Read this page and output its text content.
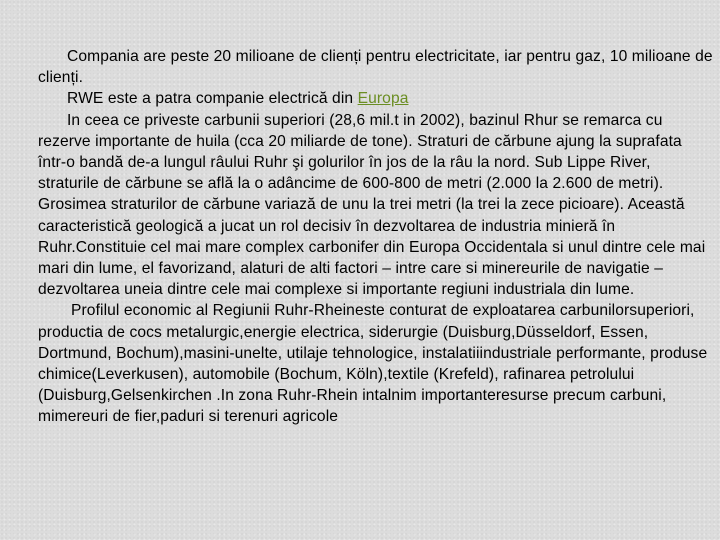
Compania are peste 20 milioane de clienți pentru electricitate, iar pentru gaz, 10 milioane de clienți.

RWE este a patra companie electrică din Europa

In ceea ce priveste carbunii superiori (28,6 mil.t in 2002), bazinul Rhur se remarca cu rezerve importante de huila (cca 20 miliarde de tone). Straturi de cărbune ajung la suprafata într-o bandă de-a lungul râului Ruhr şi golurilor în jos de la râu la nord. Sub Lippe River, straturile de cărbune se află la o adâncime de 600-800 de metri (2.000 la 2.600 de metri). Grosimea straturilor de cărbune variază de unu la trei metri (la trei la zece picioare). Această caracteristică geologică a jucat un rol decisiv în dezvoltarea de industria minieră în Ruhr.Constituie cel mai mare complex carbonifer din Europa Occidentala si unul dintre cele mai mari din lume, el favorizand, alaturi de alti factori – intre care si minereurile de navigatie – dezvoltarea uneia dintre cele mai complexe si importante regiuni industriala din lume.

Profilul economic al Regiunii Ruhr-Rheineste conturat de exploatarea carbunilorsuperiori, productia de cocs metalurgic,energie electrica, siderurgie (Duisburg,Düsseldorf, Essen, Dortmund, Bochum),masini-unelte, utilaje tehnologice, instalatiiindustriale performante, produse chimice(Leverkusen), automobile (Bochum, Köln),textile (Krefeld), rafinarea petrolului (Duisburg,Gelsenkirchen .In zona Ruhr-Rhein intalnim importanteresurse precum carbuni, mimereuri de fier,paduri si terenuri agricole
